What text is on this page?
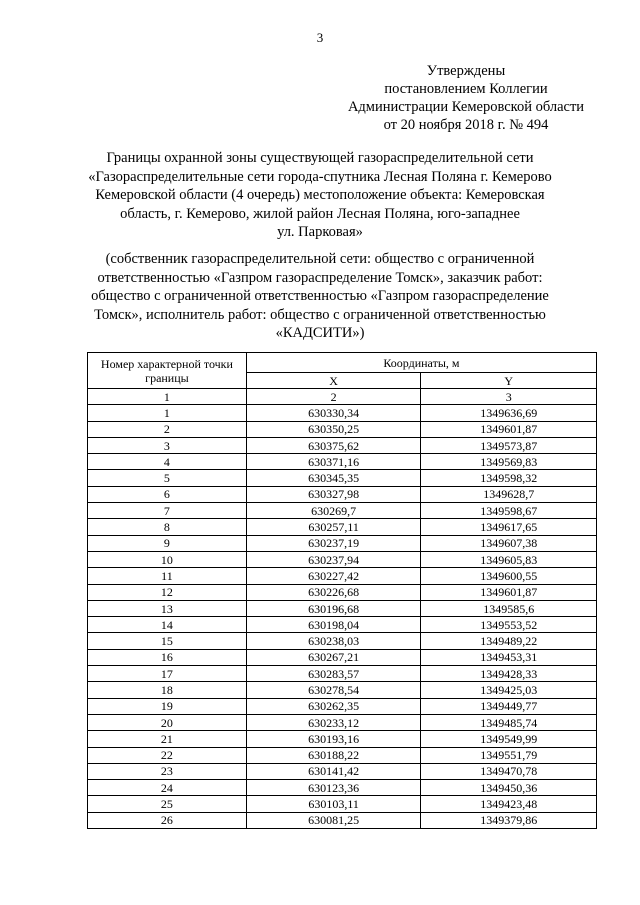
3
Утверждены
постановлением Коллегии
Администрации Кемеровской области
от 20 ноября 2018 г. № 494
Границы охранной зоны существующей газораспределительной сети
«Газораспределительные сети города-спутника Лесная Поляна г. Кемерово
Кемеровской области (4 очередь) местоположение объекта: Кемеровская
область, г. Кемерово, жилой район Лесная Поляна, юго-западнее
ул. Парковая»
(собственник газораспределительной сети: общество с ограниченной
ответственностью «Газпром газораспределение Томск», заказчик работ:
общество с ограниченной ответственностью «Газпром газораспределение
Томск», исполнитель работ: общество с ограниченной ответственностью
«КАДСИТИ»)
Номер характерной точки границы	Координаты, м	
	X	Y
1	2	3
1	630330,34	1349636,69
2	630350,25	1349601,87
3	630375,62	1349573,87
4	630371,16	1349569,83
5	630345,35	1349598,32
6	630327,98	1349628,7
7	630269,7	1349598,67
8	630257,11	1349617,65
9	630237,19	1349607,38
10	630237,94	1349605,83
11	630227,42	1349600,55
12	630226,68	1349601,87
13	630196,68	1349585,6
14	630198,04	1349553,52
15	630238,03	1349489,22
16	630267,21	1349453,31
17	630283,57	1349428,33
18	630278,54	1349425,03
19	630262,35	1349449,77
20	630233,12	1349485,74
21	630193,16	1349549,99
22	630188,22	1349551,79
23	630141,42	1349470,78
24	630123,36	1349450,36
25	630103,11	1349423,48
26	630081,25	1349379,86
